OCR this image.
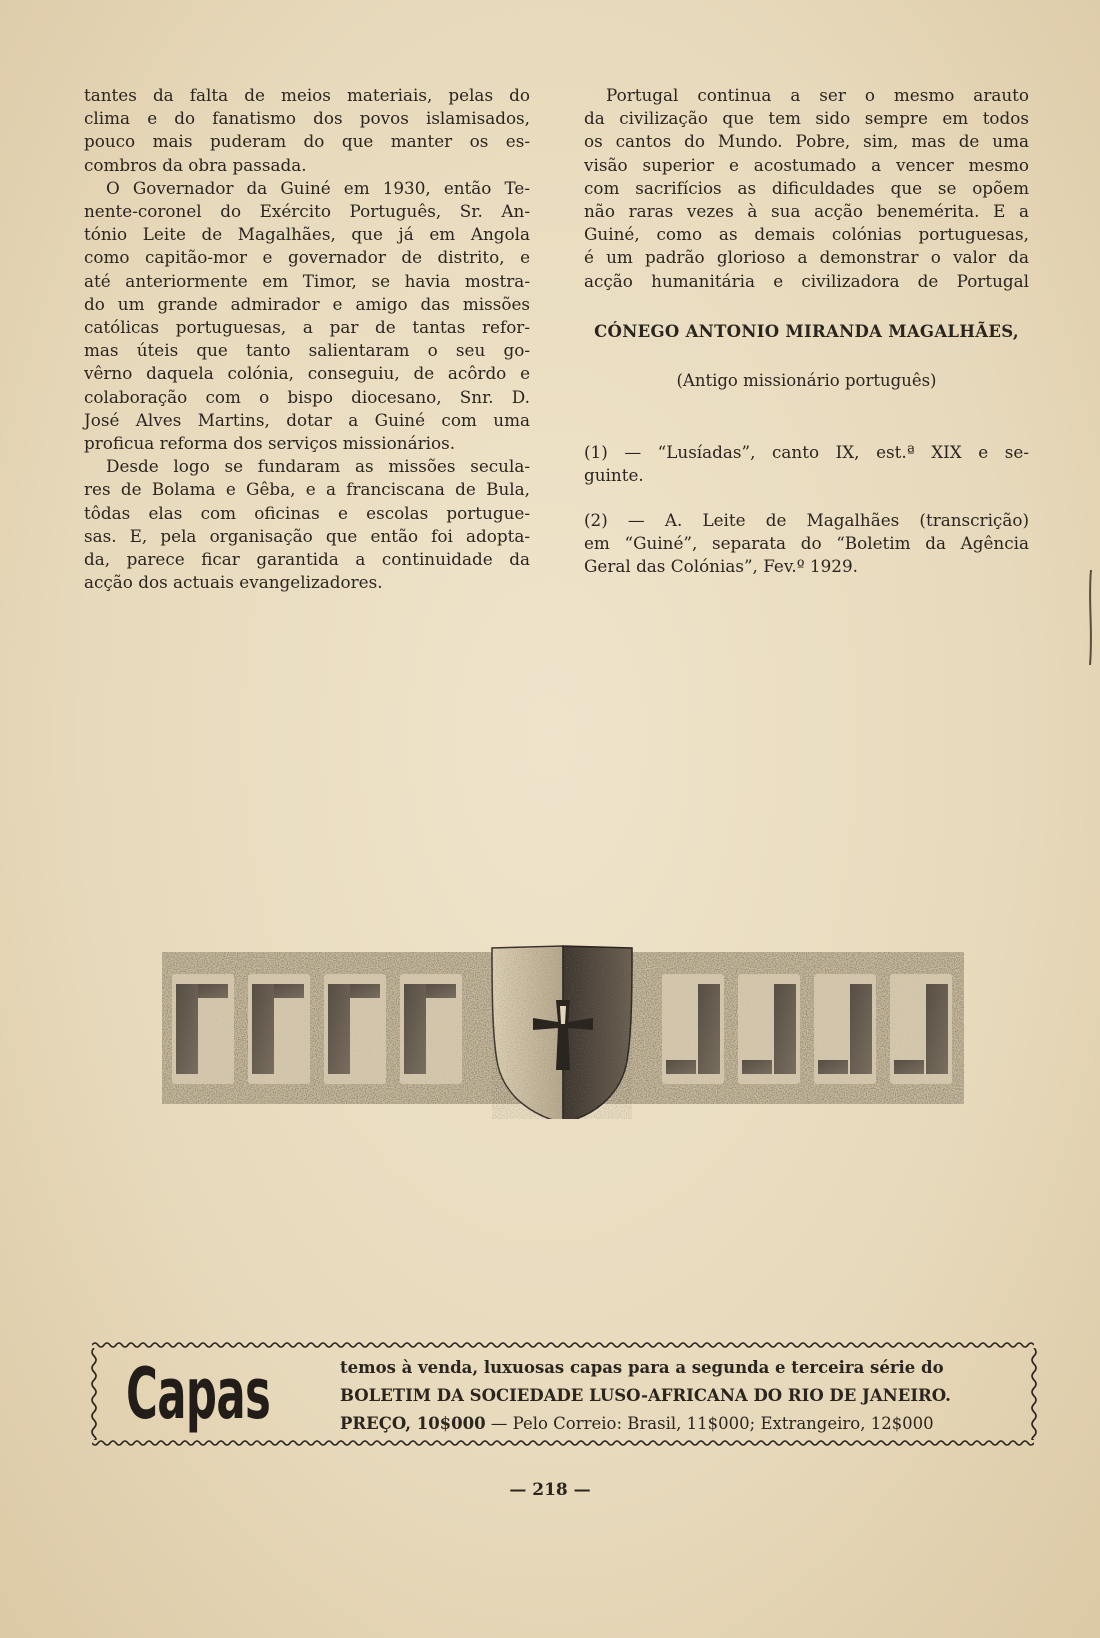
tantes da falta de meios materiais, pelas do
clima e do fanatismo dos povos islamisados,
pouco mais puderam do que manter os es-
combros da obra passada.

O Governador da Guiné em 1930, então Te-
nente-coronel do Exército Português, Sr. An-
tónio Leite de Magalhães, que já em Angola
como capitão-mor e governador de distrito, e
até anteriormente em Timor, se havia mostra-
do um grande admirador e amigo das missões
católicas portuguesas, a par de tantas refor-
mas úteis que tanto salientaram o seu go-
vêrno daquela colónia, conseguiu, de acôrdo e
colaboração com o bispo diocesano, Snr. D.
José Alves Martins, dotar a Guiné com uma
proficua reforma dos serviços missionários.

Desde logo se fundaram as missões secula-
res de Bolama e Gêba, e a franciscana de Bula,
tôdas elas com oficinas e escolas portugue-
sas. E, pela organisação que então foi adopta-
da, parece ficar garantida a continuidade da
acção dos actuais evangelizadores.

Portugal continua a ser o mesmo arauto
da civilização que tem sido sempre em todos
os cantos do Mundo. Pobre, sim, mas de uma
visão superior e acostumado a vencer mesmo
com sacrifícios as dificuldades que se opõem
não raras vezes à sua acção benemérita. E a
Guiné, como as demais colónias portuguesas,
é um padrão glorioso a demonstrar o valor da
acção humanitária e civilizadora de Portugal

CÓNEGO ANTONIO MIRANDA MAGALHÃES,
(Antigo missionário português)
(1) — “Lusíadas”, canto IX, est.ª XIX e se-
guinte.
(2) — A. Leite de Magalhães (transcrição)
em “Guiné”, separata do “Boletim da Agência
Geral das Colónias”, Fev.º 1929.
Capas	temos à venda, luxuosas capas para a segunda e terceira série do
BOLETIM DA SOCIEDADE LUSO-AFRICANA DO RIO DE JANEIRO.
PREÇO, 10$000 — Pelo Correio: Brasil, 11$000; Extrangeiro, 12$000
— 218 —
